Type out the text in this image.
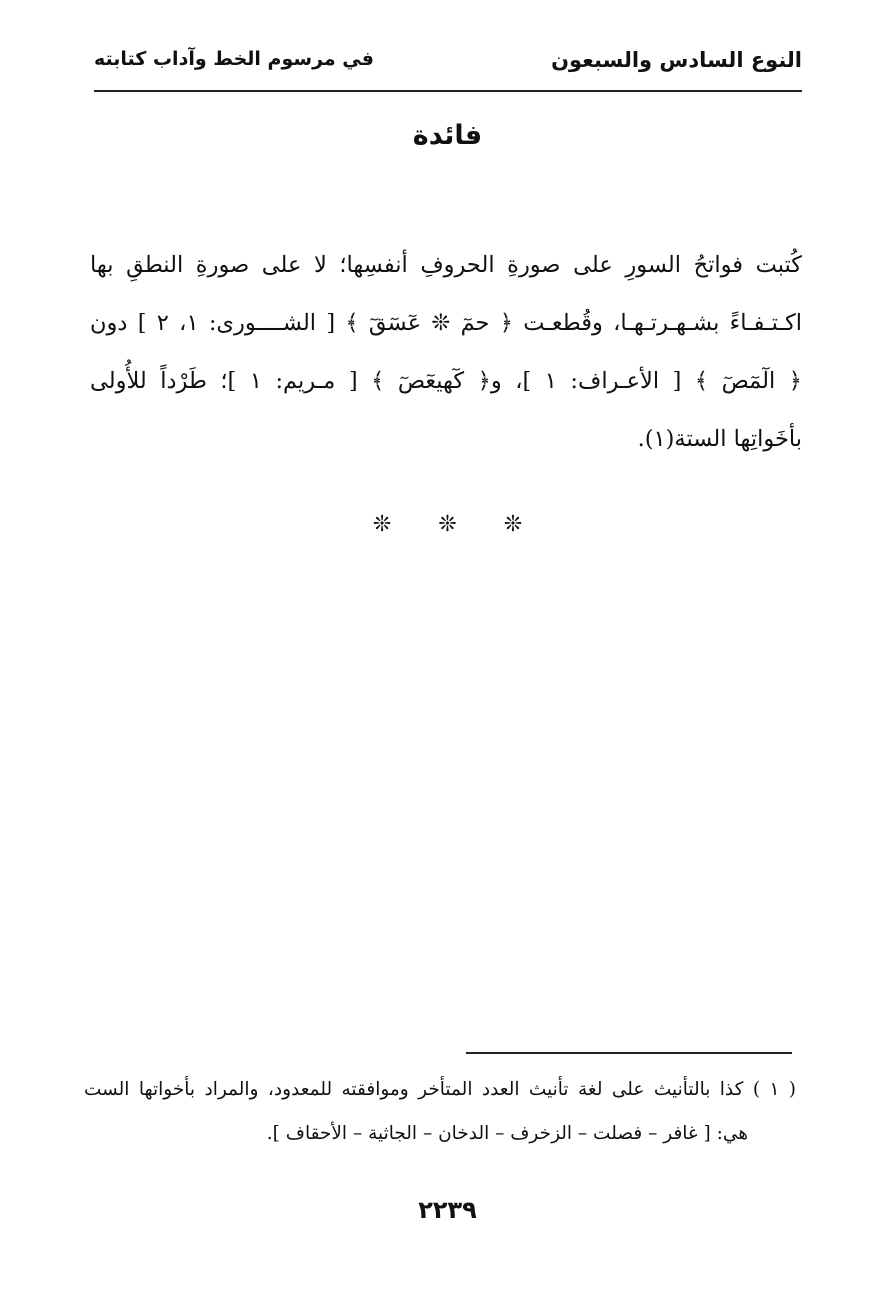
النوع السادس والسبعون
في مرسوم الخط وآداب كتابته
فائدة
كُتبت فواتحُ السورِ على صورةِ الحروفِ أنفسِها؛ لا على صورةِ النطقِ بها
اكـتـفـاءً بشـهـرتـهـا، وقُطعـت ﴿ حمٓ ❊ عٓسٓقٓ ﴾ [ الشــــورى: ١، ٢ ] دون
﴿ الٓمٓصٓ ﴾ [ الأعـراف: ١ ]، و﴿ كٓهيعٓصٓ ﴾ [ مـريم: ١ ]؛ طَرْداً للأُولى
بأخَواتِها الستة(١).
❊ ❊ ❊
( ١ ) كذا بالتأنيث على لغة تأنيث العدد المتأخر وموافقته للمعدود، والمراد بأخواتها الست
هي: [ غافر – فصلت – الزخرف – الدخان – الجاثية – الأحقاف ].
٢٢٣٩
